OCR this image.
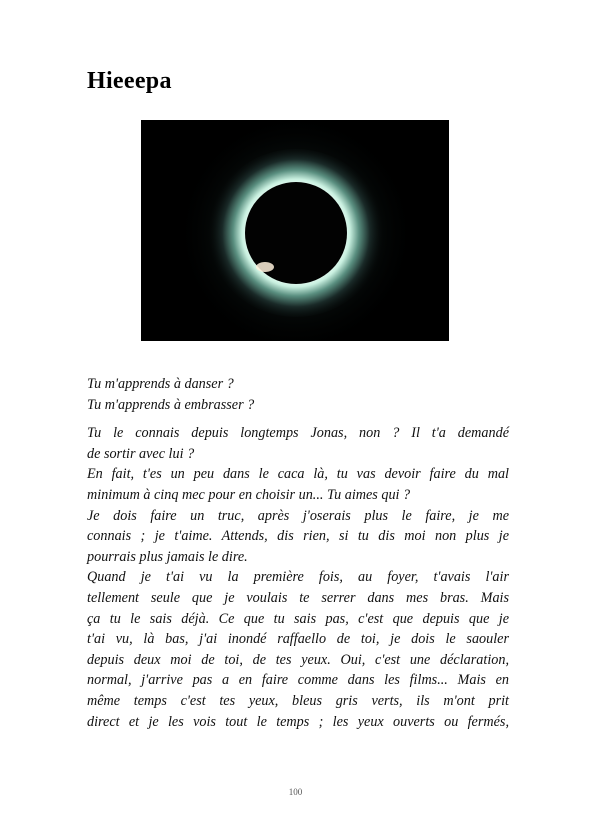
Hieeepa
Tu m'apprends à danser ?
Tu m'apprends à embrasser ?
Tu le connais depuis longtemps Jonas, non ? Il t'a demandé
de sortir avec lui ?
En fait, t'es un peu dans le caca là, tu vas devoir faire du mal
minimum à cinq mec pour en choisir un... Tu aimes qui ?
Je dois faire un truc, après j'oserais plus le faire, je me
connais ; je t'aime. Attends, dis rien, si tu dis moi non plus je
pourrais plus jamais le dire.
Quand je t'ai vu la première fois, au foyer, t'avais l'air
tellement seule que je voulais te serrer dans mes bras. Mais
ça tu le sais déjà. Ce que tu sais pas, c'est que depuis que je
t'ai vu, là bas, j'ai inondé raffaello de toi, je dois le saouler
depuis deux moi de toi, de tes yeux. Oui, c'est une déclaration,
normal, j'arrive pas a en faire comme dans les films... Mais en
même temps c'est tes yeux, bleus gris verts, ils m'ont prit
direct et je les vois tout le temps ; les yeux ouverts ou fermés,
100
